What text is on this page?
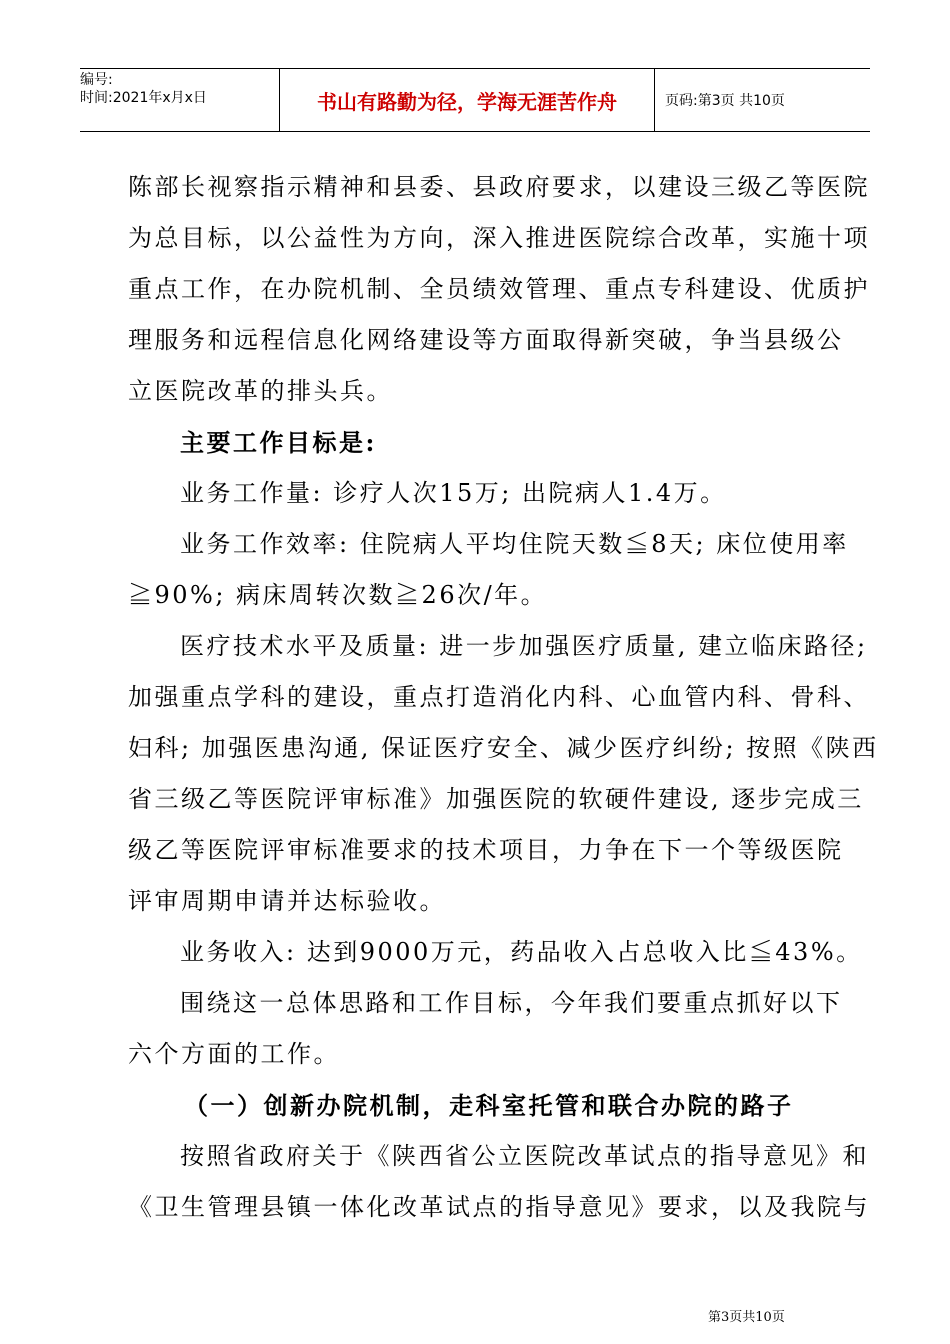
编号:
时间:2021年x月x日	书山有路勤为径，学海无涯苦作舟	页码:第3页 共10页

陈部长视察指示精神和县委、县政府要求，以建设三级乙等医院

为总目标，以公益性为方向，深入推进医院综合改革，实施十项

重点工作，在办院机制、全员绩效管理、重点专科建设、优质护

理服务和远程信息化网络建设等方面取得新突破，争当县级公

立医院改革的排头兵。

主要工作目标是:

业务工作量: 诊疗人次15万; 出院病人1.4万。

业务工作效率: 住院病人平均住院天数≦8天; 床位使用率

≧90%; 病床周转次数≧26次/年。

医疗技术水平及质量: 进一步加强医疗质量, 建立临床路径;

加强重点学科的建设，重点打造消化内科、心血管内科、骨科、

妇科; 加强医患沟通, 保证医疗安全、减少医疗纠纷; 按照《陕西

省三级乙等医院评审标准》加强医院的软硬件建设, 逐步完成三

级乙等医院评审标准要求的技术项目，力争在下一个等级医院

评审周期申请并达标验收。

业务收入: 达到9000万元，药品收入占总收入比≦43%。

围绕这一总体思路和工作目标，今年我们要重点抓好以下

六个方面的工作。

（一）创新办院机制，走科室托管和联合办院的路子

按照省政府关于《陕西省公立医院改革试点的指导意见》和

《卫生管理县镇一体化改革试点的指导意见》要求，以及我院与

第3页共10页
